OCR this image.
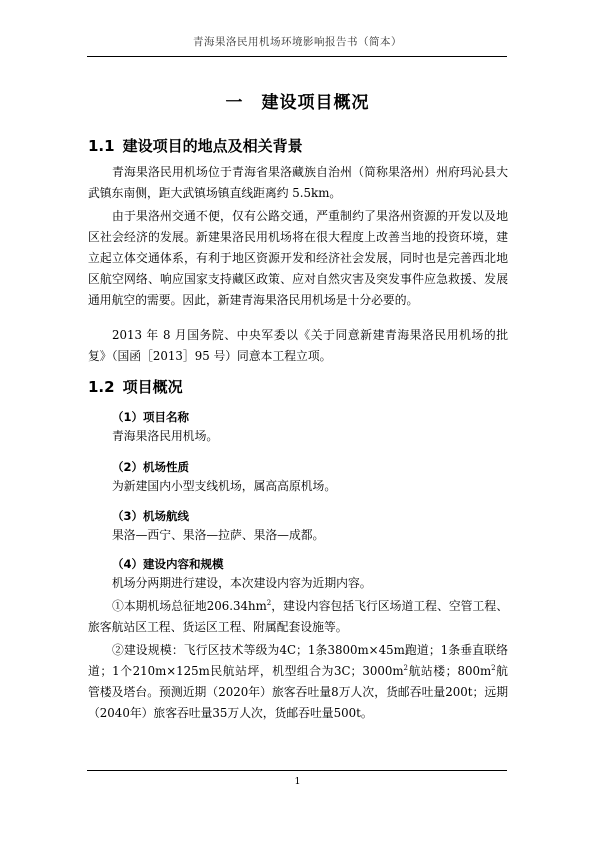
青海果洛民用机场环境影响报告书（简本）
一 建设项目概况
1.1 建设项目的地点及相关背景
青海果洛民用机场位于青海省果洛藏族自治州（简称果洛州）州府玛沁县大武镇东南侧，距大武镇场镇直线距离约 5.5km。
由于果洛州交通不便，仅有公路交通，严重制约了果洛州资源的开发以及地区社会经济的发展。新建果洛民用机场将在很大程度上改善当地的投资环境，建立起立体交通体系，有利于地区资源开发和经济社会发展，同时也是完善西北地区航空网络、响应国家支持藏区政策、应对自然灾害及突发事件应急救援、发展通用航空的需要。因此，新建青海果洛民用机场是十分必要的。
2013 年 8 月国务院、中央军委以《关于同意新建青海果洛民用机场的批复》（国函［2013］95 号）同意本工程立项。
1.2 项目概况
（1）项目名称
青海果洛民用机场。
（2）机场性质
为新建国内小型支线机场，属高高原机场。
（3）机场航线
果洛—西宁、果洛—拉萨、果洛—成都。
（4）建设内容和规模
机场分两期进行建设，本次建设内容为近期内容。
①本期机场总征地$206.34hm^2$，建设内容包括飞行区场道工程、空管工程、旅客航站区工程、货运区工程、附属配套设施等。
②建设规模：飞行区技术等级为4C；1条3800m×45m跑道；1条垂直联络道；1个210m×125m民航站坪，机型组合为3C；$3000m^2$航站楼；$800m^2$航管楼及塔台。预测近期（2020年）旅客吞吐量8万人次，货邮吞吐量200t；远期（2040年）旅客吞吐量35万人次，货邮吞吐量500t。
1
